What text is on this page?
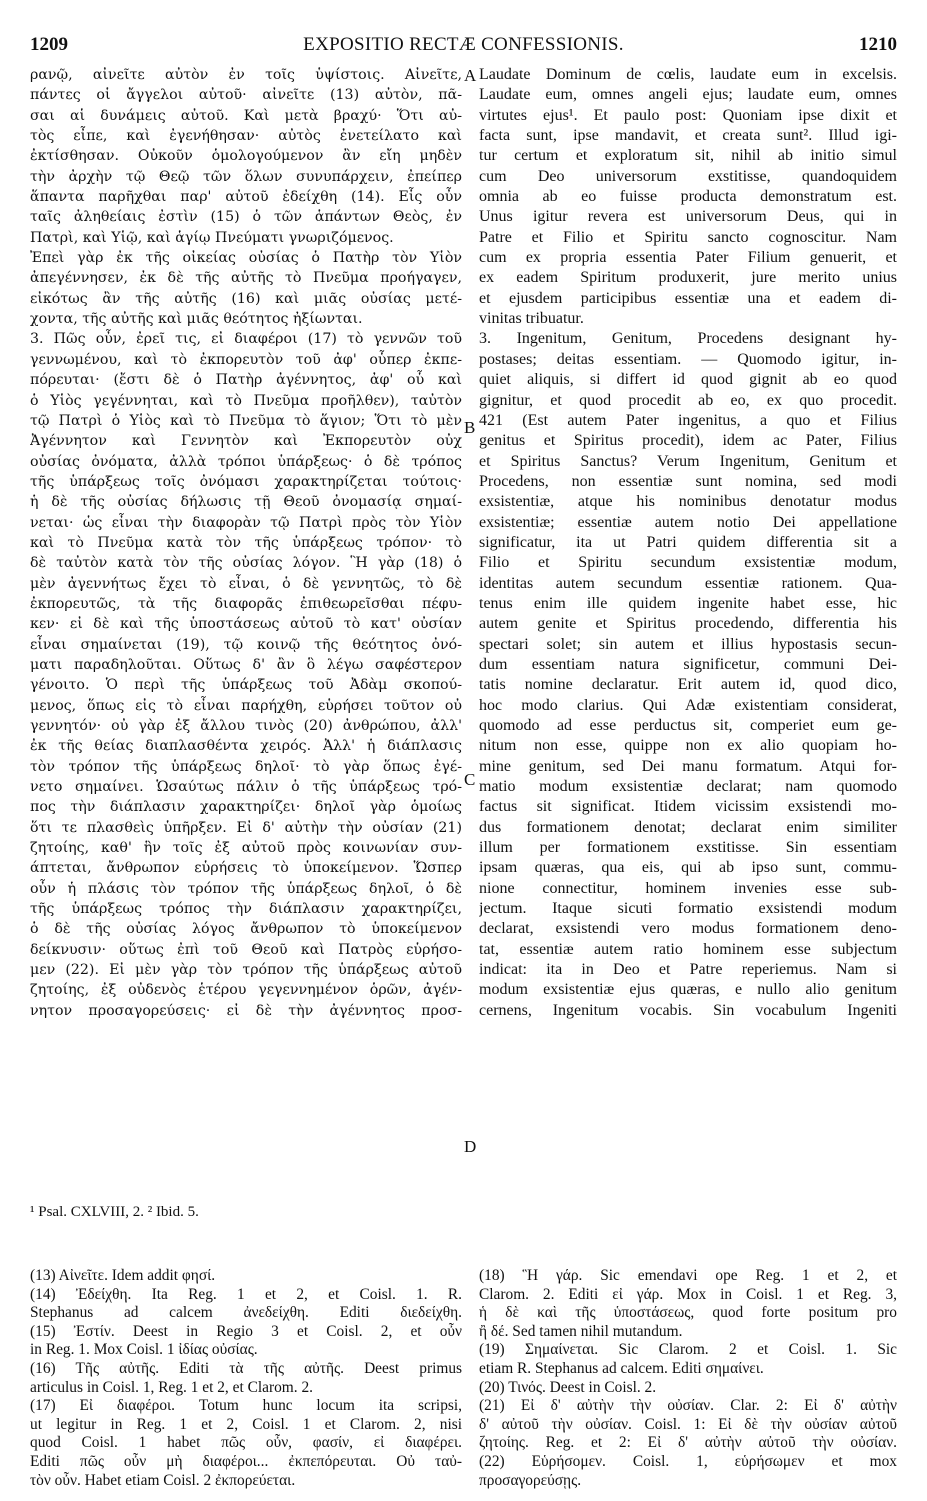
1209	EXPOSITIO RECTÆ CONFESSIONIS.	1210
ρανῷ, αἰνεῖτε αὐτὸν ἐν τοῖς ὑψίστοις. Αἰνεῖτε,
πάντες οἱ ἄγγελοι αὐτοῦ· αἰνεῖτε (13) αὐτὸν, πᾶ-
σαι αἱ δυνάμεις αὐτοῦ. Καὶ μετὰ βραχύ· Ὅτι αὐ-
τὸς εἶπε, καὶ ἐγενήθησαν· αὐτὸς ἐνετείλατο καὶ
ἐκτίσθησαν. Οὐκοῦν ὁμολογούμενον ἂν εἴη μηδὲν
τὴν ἀρχὴν τῷ Θεῷ τῶν ὅλων συνυπάρχειν, ἐπείπερ
ἅπαντα παρῆχθαι παρ' αὐτοῦ ἐδείχθη (14). Εἷς οὖν
ταῖς ἀληθείαις ἐστὶν (15) ὁ τῶν ἁπάντων Θεὸς, ἐν
Πατρὶ, καὶ Υἱῷ, καὶ ἁγίῳ Πνεύματι γνωριζόμενος.
Ἐπεὶ γὰρ ἐκ τῆς οἰκείας οὐσίας ὁ Πατὴρ τὸν Υἱὸν
ἀπεγέννησεν, ἐκ δὲ τῆς αὐτῆς τὸ Πνεῦμα προήγαγεν,
εἰκότως ἂν τῆς αὐτῆς (16) καὶ μιᾶς οὐσίας μετέ-
χοντα, τῆς αὐτῆς καὶ μιᾶς θεότητος ἠξίωνται.
3. Πῶς οὖν, ἐρεῖ τις, εἰ διαφέροι (17) τὸ γεννῶν τοῦ
γεννωμένου, καὶ τὸ ἐκπορευτὸν τοῦ ἀφ' οὗπερ ἐκπε-
πόρευται· (ἔστι δὲ ὁ Πατὴρ ἀγέννητος, ἀφ' οὗ καὶ
ὁ Υἱὸς γεγέννηται, καὶ τὸ Πνεῦμα προῆλθεν), ταὐτὸν
τῷ Πατρὶ ὁ Υἱὸς καὶ τὸ Πνεῦμα τὸ ἅγιον; Ὅτι τὸ μὲν
Ἀγέννητον καὶ Γεννητὸν καὶ Ἐκπορευτὸν οὐχ
οὐσίας ὀνόματα, ἀλλὰ τρόποι ὑπάρξεως· ὁ δὲ τρόπος
τῆς ὑπάρξεως τοῖς ὀνόμασι χαρακτηρίζεται τούτοις·
ἡ δὲ τῆς οὐσίας δήλωσις τῇ Θεοῦ ὀνομασίᾳ σημαί-
νεται· ὡς εἶναι τὴν διαφορὰν τῷ Πατρὶ πρὸς τὸν Υἱὸν
καὶ τὸ Πνεῦμα κατὰ τὸν τῆς ὑπάρξεως τρόπον· τὸ
δὲ ταὐτὸν κατὰ τὸν τῆς οὐσίας λόγον. Ἣ γὰρ (18) ὁ
μὲν ἀγεννήτως ἔχει τὸ εἶναι, ὁ δὲ γεννητῶς, τὸ δὲ
ἐκπορευτῶς, τὰ τῆς διαφορᾶς ἐπιθεωρεῖσθαι πέφυ-
κεν· εἰ δὲ καὶ τῆς ὑποστάσεως αὐτοῦ τὸ κατ' οὐσίαν
εἶναι σημαίνεται (19), τῷ κοινῷ τῆς θεότητος ὀνό-
ματι παραδηλοῦται. Οὕτως δ' ἂν ὃ λέγω σαφέστερον
γένοιτο. Ὁ περὶ τῆς ὑπάρξεως τοῦ Ἀδὰμ σκοπού-
μενος, ὅπως εἰς τὸ εἶναι παρήχθη, εὑρήσει τοῦτον οὐ
γεννητόν· οὐ γὰρ ἐξ ἄλλου τινὸς (20) ἀνθρώπου, ἀλλ'
ἐκ τῆς θείας διαπλασθέντα χειρός. Ἀλλ' ἡ διάπλασις
τὸν τρόπον τῆς ὑπάρξεως δηλοῖ· τὸ γὰρ ὅπως ἐγέ-
νετο σημαίνει. Ὡσαύτως πάλιν ὁ τῆς ὑπάρξεως τρό-
πος τὴν διάπλασιν χαρακτηρίζει· δηλοῖ γὰρ ὁμοίως
ὅτι τε πλασθεὶς ὑπῆρξεν. Εἰ δ' αὐτὴν τὴν οὐσίαν (21)
ζητοίης, καθ' ἣν τοῖς ἐξ αὐτοῦ πρὸς κοινωνίαν συν-
άπτεται, ἄνθρωπον εὑρήσεις τὸ ὑποκείμενον. Ὥσπερ
οὖν ἡ πλάσις τὸν τρόπον τῆς ὑπάρξεως δηλοῖ, ὁ δὲ
τῆς ὑπάρξεως τρόπος τὴν διάπλασιν χαρακτηρίζει,
ὁ δὲ τῆς οὐσίας λόγος ἄνθρωπον τὸ ὑποκείμενον
δείκνυσιν· οὕτως ἐπὶ τοῦ Θεοῦ καὶ Πατρὸς εὑρήσο-
μεν (22). Εἰ μὲν γὰρ τὸν τρόπον τῆς ὑπάρξεως αὐτοῦ
ζητοίης, ἐξ οὐδενὸς ἑτέρου γεγεννημένον ὁρῶν, ἀγέν-
νητον προσαγορεύσεις· εἰ δὲ τὴν ἀγέννητος προσ-
Laudate Dominum de cœlis, laudate eum in excelsis.
Laudate eum, omnes angeli ejus; laudate eum, omnes
virtutes ejus¹. Et paulo post: Quoniam ipse dixit et
facta sunt, ipse mandavit, et creata sunt². Illud igi-
tur certum et exploratum sit, nihil ab initio simul
cum Deo universorum exstitisse, quandoquidem
omnia ab eo fuisse producta demonstratum est.
Unus igitur revera est universorum Deus, qui in
Patre et Filio et Spiritu sancto cognoscitur. Nam
cum ex propria essentia Pater Filium genuerit, et
ex eadem Spiritum produxerit, jure merito unius
et ejusdem participibus essentiæ una et eadem di-
vinitas tribuatur.
3. Ingenitum, Genitum, Procedens designant hy-
postases; deitas essentiam. — Quomodo igitur, in-
quiet aliquis, si differt id quod gignit ab eo quod
gignitur, et quod procedit ab eo, ex quo procedit.
421 (Est autem Pater ingenitus, a quo et Filius
genitus et Spiritus procedit), idem ac Pater, Filius
et Spiritus Sanctus? Verum Ingenitum, Genitum et
Procedens, non essentiæ sunt nomina, sed modi
exsistentiæ, atque his nominibus denotatur modus
exsistentiæ; essentiæ autem notio Dei appellatione
significatur, ita ut Patri quidem differentia sit a
Filio et Spiritu secundum exsistentiæ modum,
identitas autem secundum essentiæ rationem. Qua-
tenus enim ille quidem ingenite habet esse, hic
autem genite et Spiritus procedendo, differentia his
spectari solet; sin autem et illius hypostasis secun-
dum essentiam natura significetur, communi Dei-
tatis nomine declaratur. Erit autem id, quod dico,
hoc modo clarius. Qui Adæ existentiam considerat,
quomodo ad esse perductus sit, comperiet eum ge-
nitum non esse, quippe non ex alio quopiam ho-
mine genitum, sed Dei manu formatum. Atqui for-
matio modum exsistentiæ declarat; nam quomodo
factus sit significat. Itidem vicissim exsistendi mo-
dus formationem denotat; declarat enim similiter
illum per formationem exstitisse. Sin essentiam
ipsam quæras, qua eis, qui ab ipso sunt, commu-
nione connectitur, hominem invenies esse sub-
jectum. Itaque sicuti formatio exsistendi modum
declarat, exsistendi vero modus formationem deno-
tat, essentiæ autem ratio hominem esse subjectum
indicat: ita in Deo et Patre reperiemus. Nam si
modum exsistentiæ ejus quæras, e nullo alio genitum
cernens, Ingenitum vocabis. Sin vocabulum Ingeniti
A
B
C
D
¹ Psal. CXLVIII, 2. ² Ibid. 5.
(13) Αἰνεῖτε. Idem addit φησί.
(14) Ἐδείχθη. Ita Reg. 1 et 2, et Coisl. 1. R.
Stephanus ad calcem ἀνεδείχθη. Editi διεδείχθη.
(15) Ἐστίν. Deest in Regio 3 et Coisl. 2, et οὖν
in Reg. 1. Mox Coisl. 1 ἰδίας οὐσίας.
(16) Τῆς αὐτῆς. Editi τὰ τῆς αὐτῆς. Deest primus
articulus in Coisl. 1, Reg. 1 et 2, et Clarom. 2.
(17) Εἰ διαφέροι. Totum hunc locum ita scripsi,
ut legitur in Reg. 1 et 2, Coisl. 1 et Clarom. 2, nisi
quod Coisl. 1 habet πῶς οὖν, φασίν, εἰ διαφέρει.
Editi πῶς οὖν μὴ διαφέροι... ἐκπεπόρευται. Οὐ ταὐ-
τὸν οὖν. Habet etiam Coisl. 2 ἐκπορεύεται.
(18) Ἣ γάρ. Sic emendavi ope Reg. 1 et 2, et
Clarom. 2. Editi εἰ γάρ. Mox in Coisl. 1 et Reg. 3,
ἡ δὲ καὶ τῆς ὑποστάσεως, quod forte positum pro
ἢ δέ. Sed tamen nihil mutandum.
(19) Σημαίνεται. Sic Clarom. 2 et Coisl. 1. Sic
etiam R. Stephanus ad calcem. Editi σημαίνει.
(20) Τινός. Deest in Coisl. 2.
(21) Εἰ δ' αὐτὴν τὴν οὐσίαν. Clar. 2: Εἰ δ' αὐτὴν
δ' αὐτοῦ τὴν οὐσίαν. Coisl. 1: Εἰ δὲ τὴν οὐσίαν αὐτοῦ
ζητοίης. Reg. et 2: Εἰ δ' αὐτὴν αὐτοῦ τὴν οὐσίαν.
(22) Εὑρήσομεν. Coisl. 1, εὑρήσωμεν et mox
προσαγορεύσῃς.
